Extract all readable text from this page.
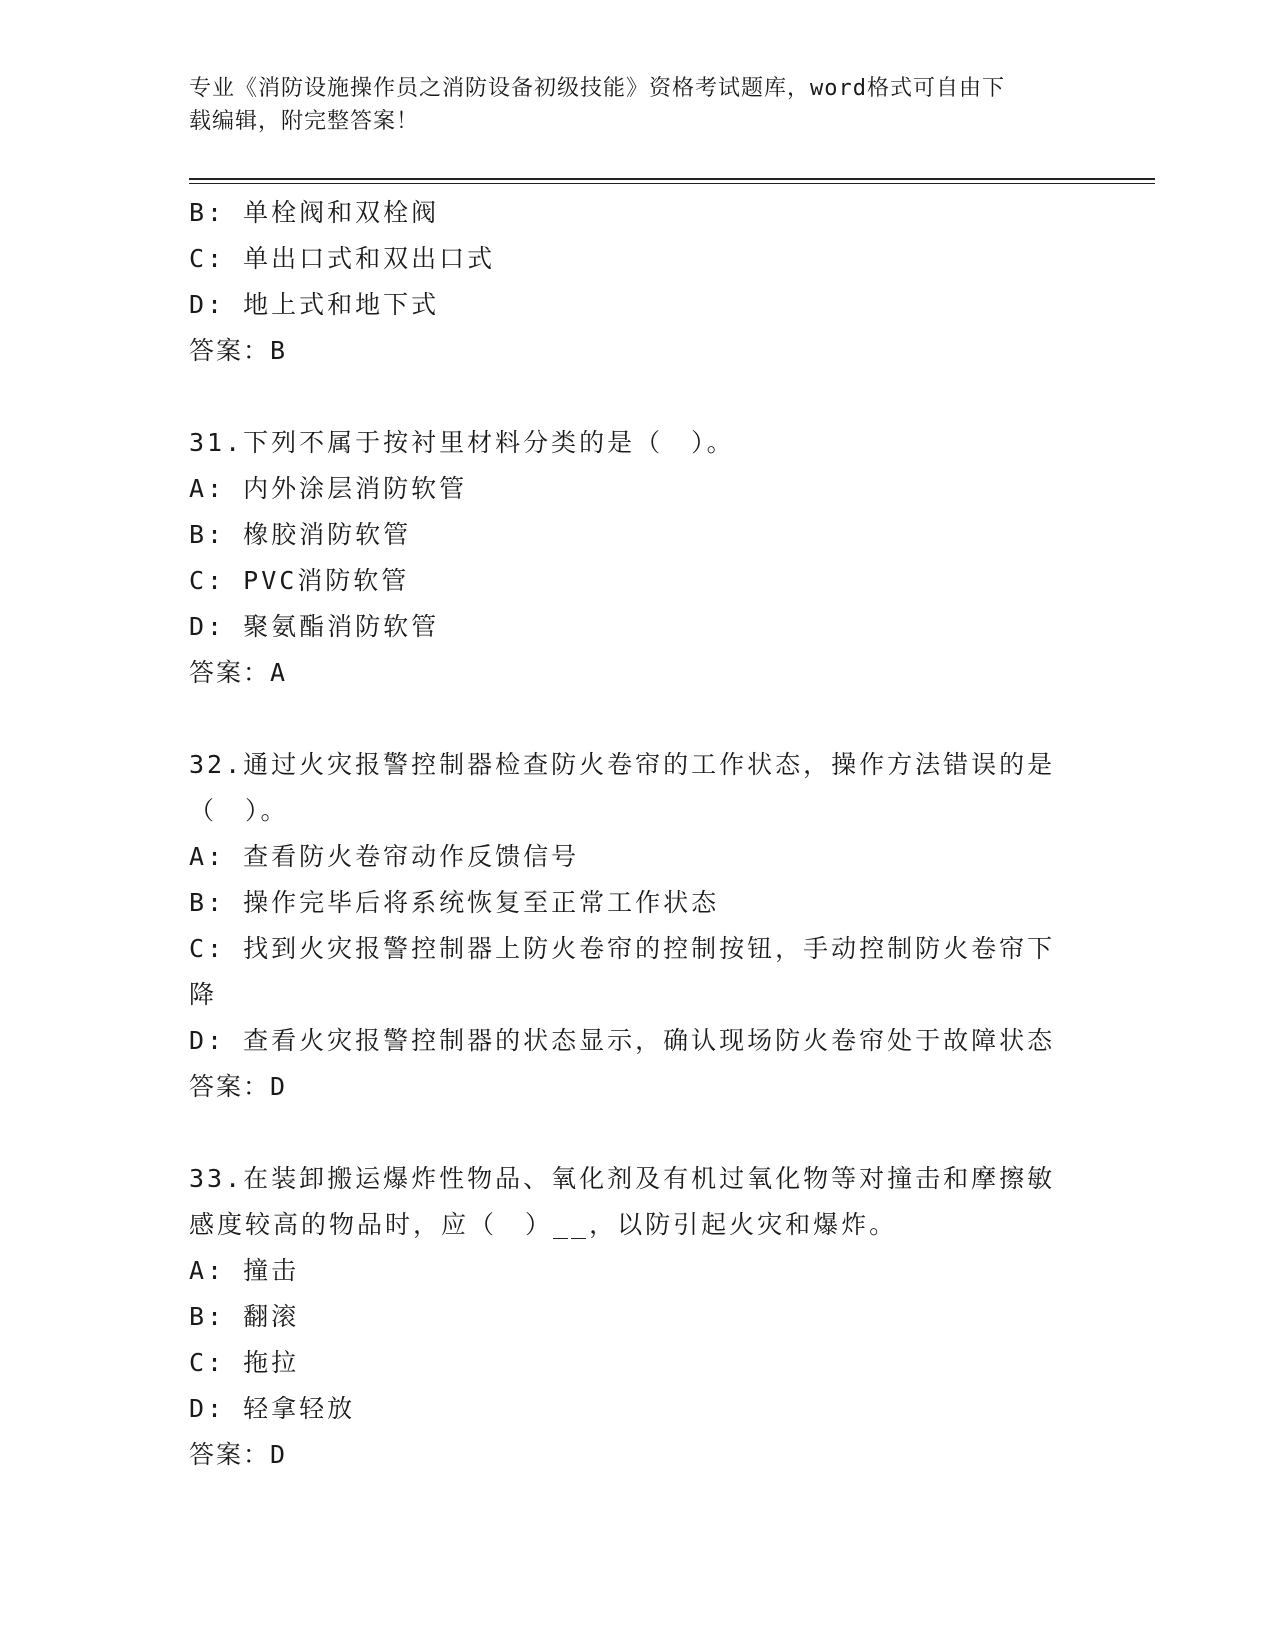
专业《消防设施操作员之消防设备初级技能》资格考试题库，word格式可自由下
载编辑，附完整答案！
B: 单栓阀和双栓阀
C: 单出口式和双出口式
D: 地上式和地下式
答案：B
31.下列不属于按衬里材料分类的是（　）。
A: 内外涂层消防软管
B: 橡胶消防软管
C: PVC消防软管
D: 聚氨酯消防软管
答案：A
32.通过火灾报警控制器检查防火卷帘的工作状态，操作方法错误的是
（　）。
A: 查看防火卷帘动作反馈信号
B: 操作完毕后将系统恢复至正常工作状态
C: 找到火灾报警控制器上防火卷帘的控制按钮，手动控制防火卷帘下
降
D: 查看火灾报警控制器的状态显示，确认现场防火卷帘处于故障状态
答案：D
33.在装卸搬运爆炸性物品、氧化剂及有机过氧化物等对撞击和摩擦敏
感度较高的物品时，应（　）__，以防引起火灾和爆炸。
A: 撞击
B: 翻滚
C: 拖拉
D: 轻拿轻放
答案：D
